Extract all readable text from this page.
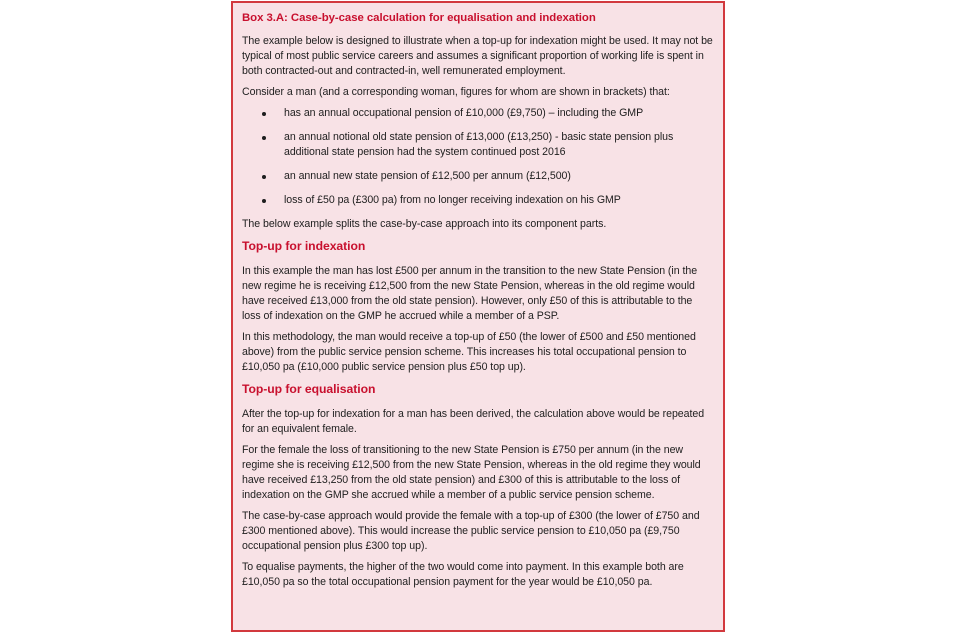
Box 3.A: Case-by-case calculation for equalisation and indexation

The example below is designed to illustrate when a top-up for indexation might be used. It may not be typical of most public service careers and assumes a significant proportion of working life is spent in both contracted-out and contracted-in, well remunerated employment.

Consider a man (and a corresponding woman, figures for whom are shown in brackets) that:

has an annual occupational pension of £10,000 (£9,750) – including the GMP
an annual notional old state pension of £13,000 (£13,250) - basic state pension plus additional state pension had the system continued post 2016
an annual new state pension of £12,500 per annum (£12,500)
loss of £50 pa (£300 pa) from no longer receiving indexation on his GMP

The below example splits the case-by-case approach into its component parts.

Top-up for indexation

In this example the man has lost £500 per annum in the transition to the new State Pension (in the new regime he is receiving £12,500 from the new State Pension, whereas in the old regime would have received £13,000 from the old state pension). However, only £50 of this is attributable to the loss of indexation on the GMP he accrued while a member of a PSP.

In this methodology, the man would receive a top-up of £50 (the lower of £500 and £50 mentioned above) from the public service pension scheme. This increases his total occupational pension to £10,050 pa (£10,000 public service pension plus £50 top up).

Top-up for equalisation

After the top-up for indexation for a man has been derived, the calculation above would be repeated for an equivalent female.

For the female the loss of transitioning to the new State Pension is £750 per annum (in the new regime she is receiving £12,500 from the new State Pension, whereas in the old regime they would have received £13,250 from the old state pension) and £300 of this is attributable to the loss of indexation on the GMP she accrued while a member of a public service pension scheme.

The case-by-case approach would provide the female with a top-up of £300 (the lower of £750 and £300 mentioned above). This would increase the public service pension to £10,050 pa (£9,750 occupational pension plus £300 top up).

To equalise payments, the higher of the two would come into payment. In this example both are £10,050 pa so the total occupational pension payment for the year would be £10,050 pa.
